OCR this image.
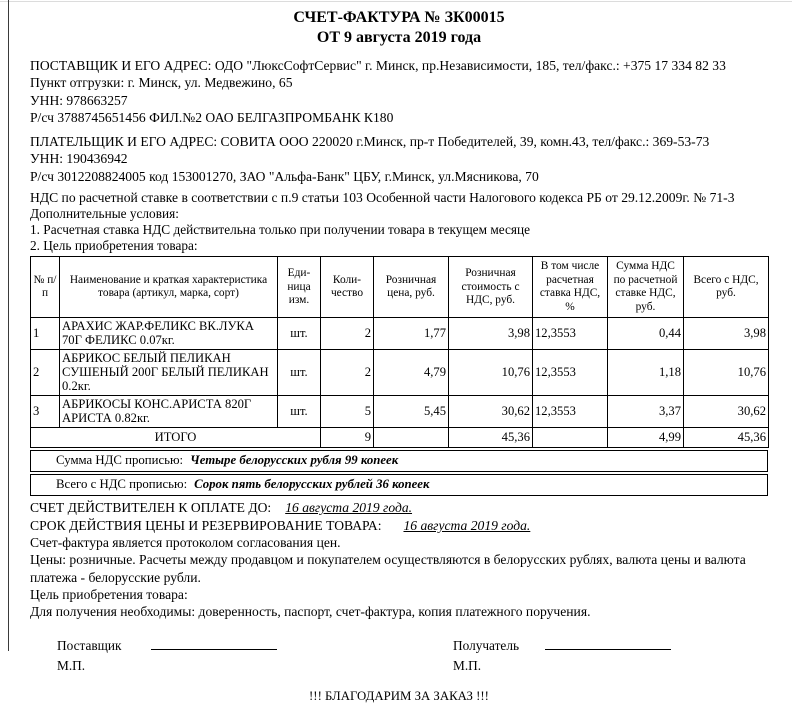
СЧЕТ-ФАКТУРА № ЗК00015
ОТ 9 августа 2019 года
ПОСТАВЩИК И ЕГО АДРЕС: ОДО "ЛюксСофтСервис" г. Минск, пр.Независимости, 185, тел/факс.: +375 17 334 82 33
Пункт отгрузки: г. Минск, ул. Медвежино, 65
УНН: 978663257
Р/сч 3788745651456 ФИЛ.№2 ОАО БЕЛГАЗПРОМБАНК К180
ПЛАТЕЛЬЩИК И ЕГО АДРЕС: СОВИТА ООО 220020 г.Минск, пр-т Победителей, 39, комн.43, тел/факс.: 369-53-73
УНН: 190436942
Р/сч 3012208824005 код 153001270, ЗАО "Альфа-Банк" ЦБУ, г.Минск, ул.Мясникова, 70
НДС по расчетной ставке в соответствии с п.9 статьи 103 Особенной части Налогового кодекса РБ от 29.12.2009г. № 71-3
Дополнительные условия:
1. Расчетная ставка НДС действительна только при получении товара в текущем месяце
2. Цель приобретения товара:
№ п/п	Наименование и краткая характеристика товара (артикул, марка, сорт)	Еди-ница изм.	Коли-чество	Розничная цена, руб.	Розничная стоимость с НДС, руб.	В том числе расчетная ставка НДС, %	Сумма НДС по расчетной ставке НДС, руб.	Всего с НДС, руб.
1	АРАХИС ЖАР.ФЕЛИКС ВК.ЛУКА 70Г ФЕЛИКС 0.07кг.	шт.	2	1,77	3,98	12,3553	0,44	3,98
2	АБРИКОС БЕЛЫЙ ПЕЛИКАН СУШЕНЫЙ 200Г БЕЛЫЙ ПЕЛИКАН 0.2кг.	шт.	2	4,79	10,76	12,3553	1,18	10,76
3	АБРИКОСЫ КОНС.АРИСТА 820Г АРИСТА 0.82кг.	шт.	5	5,45	30,62	12,3553	3,37	30,62
ИТОГО			9		45,36		4,99	45,36
Сумма НДС прописью: Четыре белорусских рубля 99 копеек
Всего с НДС прописью: Сорок пять белорусских рублей 36 копеек
СЧЕТ ДЕЙСТВИТЕЛЕН К ОПЛАТЕ ДО: 16 августа 2019 года.
СРОК ДЕЙСТВИЯ ЦЕНЫ И РЕЗЕРВИРОВАНИЕ ТОВАРА: 16 августа 2019 года.
Счет-фактура является протоколом согласования цен.
Цены: розничные. Расчеты между продавцом и покупателем осуществляются в белорусских рублях, валюта цены и валюта платежа - белорусские рубли.
Цель приобретения товара:
Для получения необходимы: доверенность, паспорт, счет-фактура, копия платежного поручения.
Поставщик
М.П.
Получатель
М.П.
!!! БЛАГОДАРИМ ЗА ЗАКАЗ !!!
